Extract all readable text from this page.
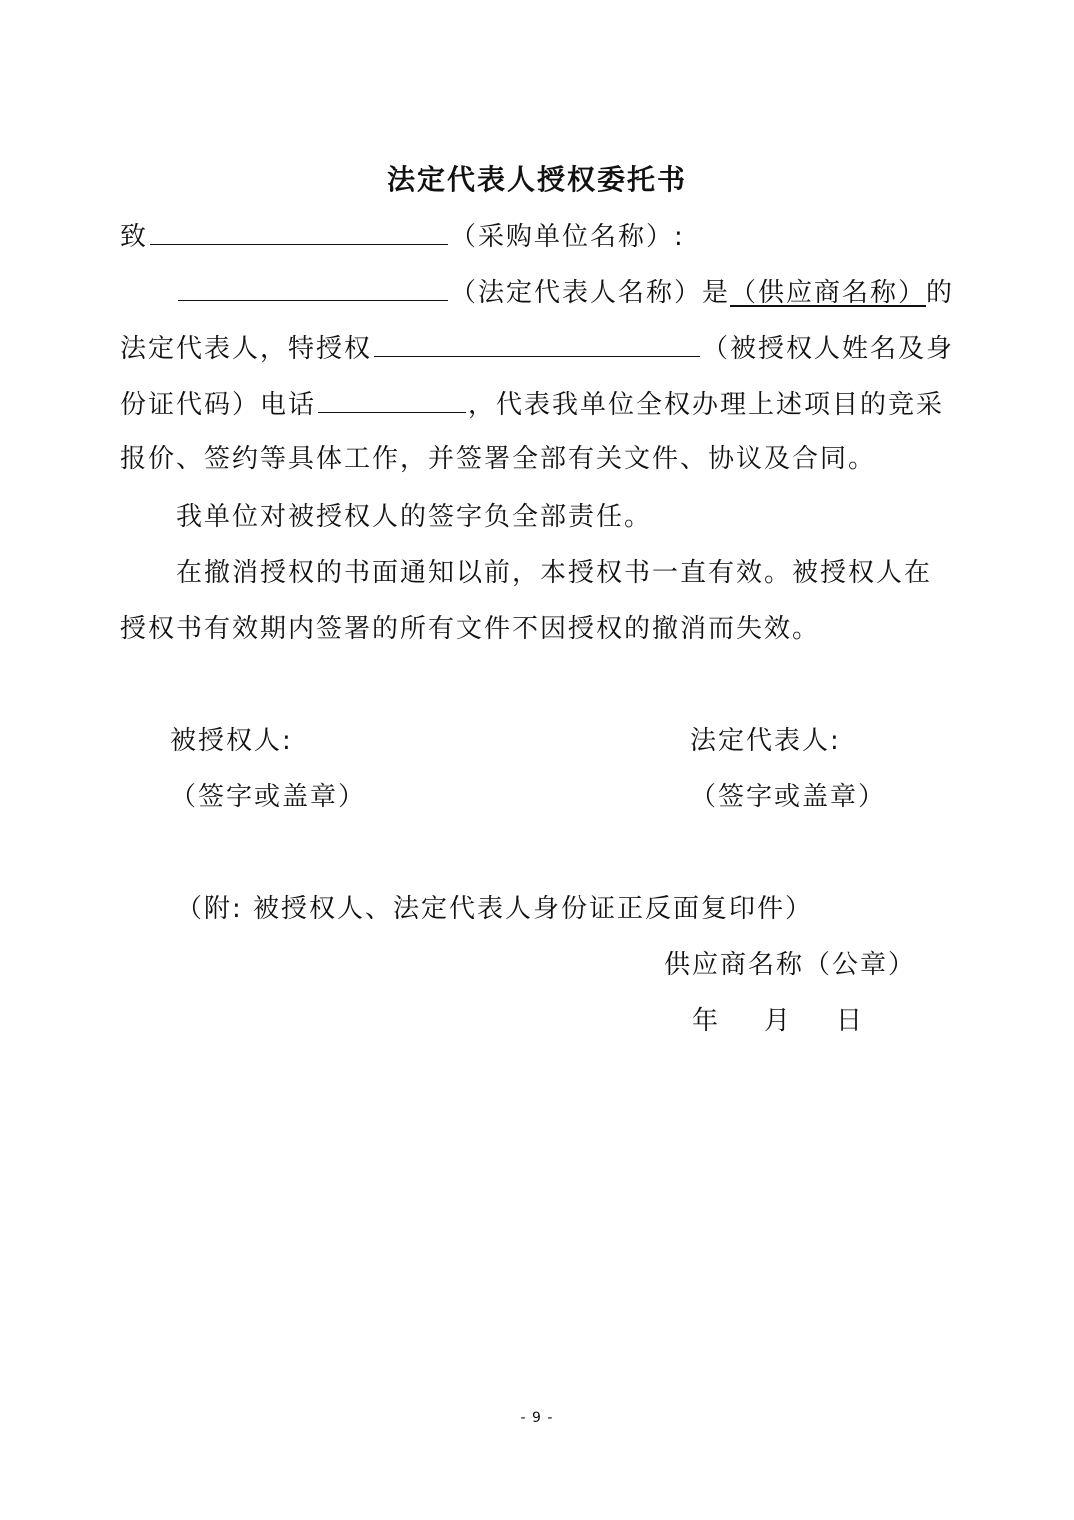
法定代表人授权委托书
致	（采购单位名称）:
（法定代表人名称）是（供应商名称）的
法定代表人，特授权	（被授权人姓名及身
份证代码）电话	，代表我单位全权办理上述项目的竞采
报价、签约等具体工作，并签署全部有关文件、协议及合同。
我单位对被授权人的签字负全部责任。
在撤消授权的书面通知以前，本授权书一直有效。被授权人在
授权书有效期内签署的所有文件不因授权的撤消而失效。
被授权人:	法定代表人:
（签字或盖章）	（签字或盖章）
（附: 被授权人、法定代表人身份证正反面复印件）
供应商名称（公章）
年 月 日
- 9 -
